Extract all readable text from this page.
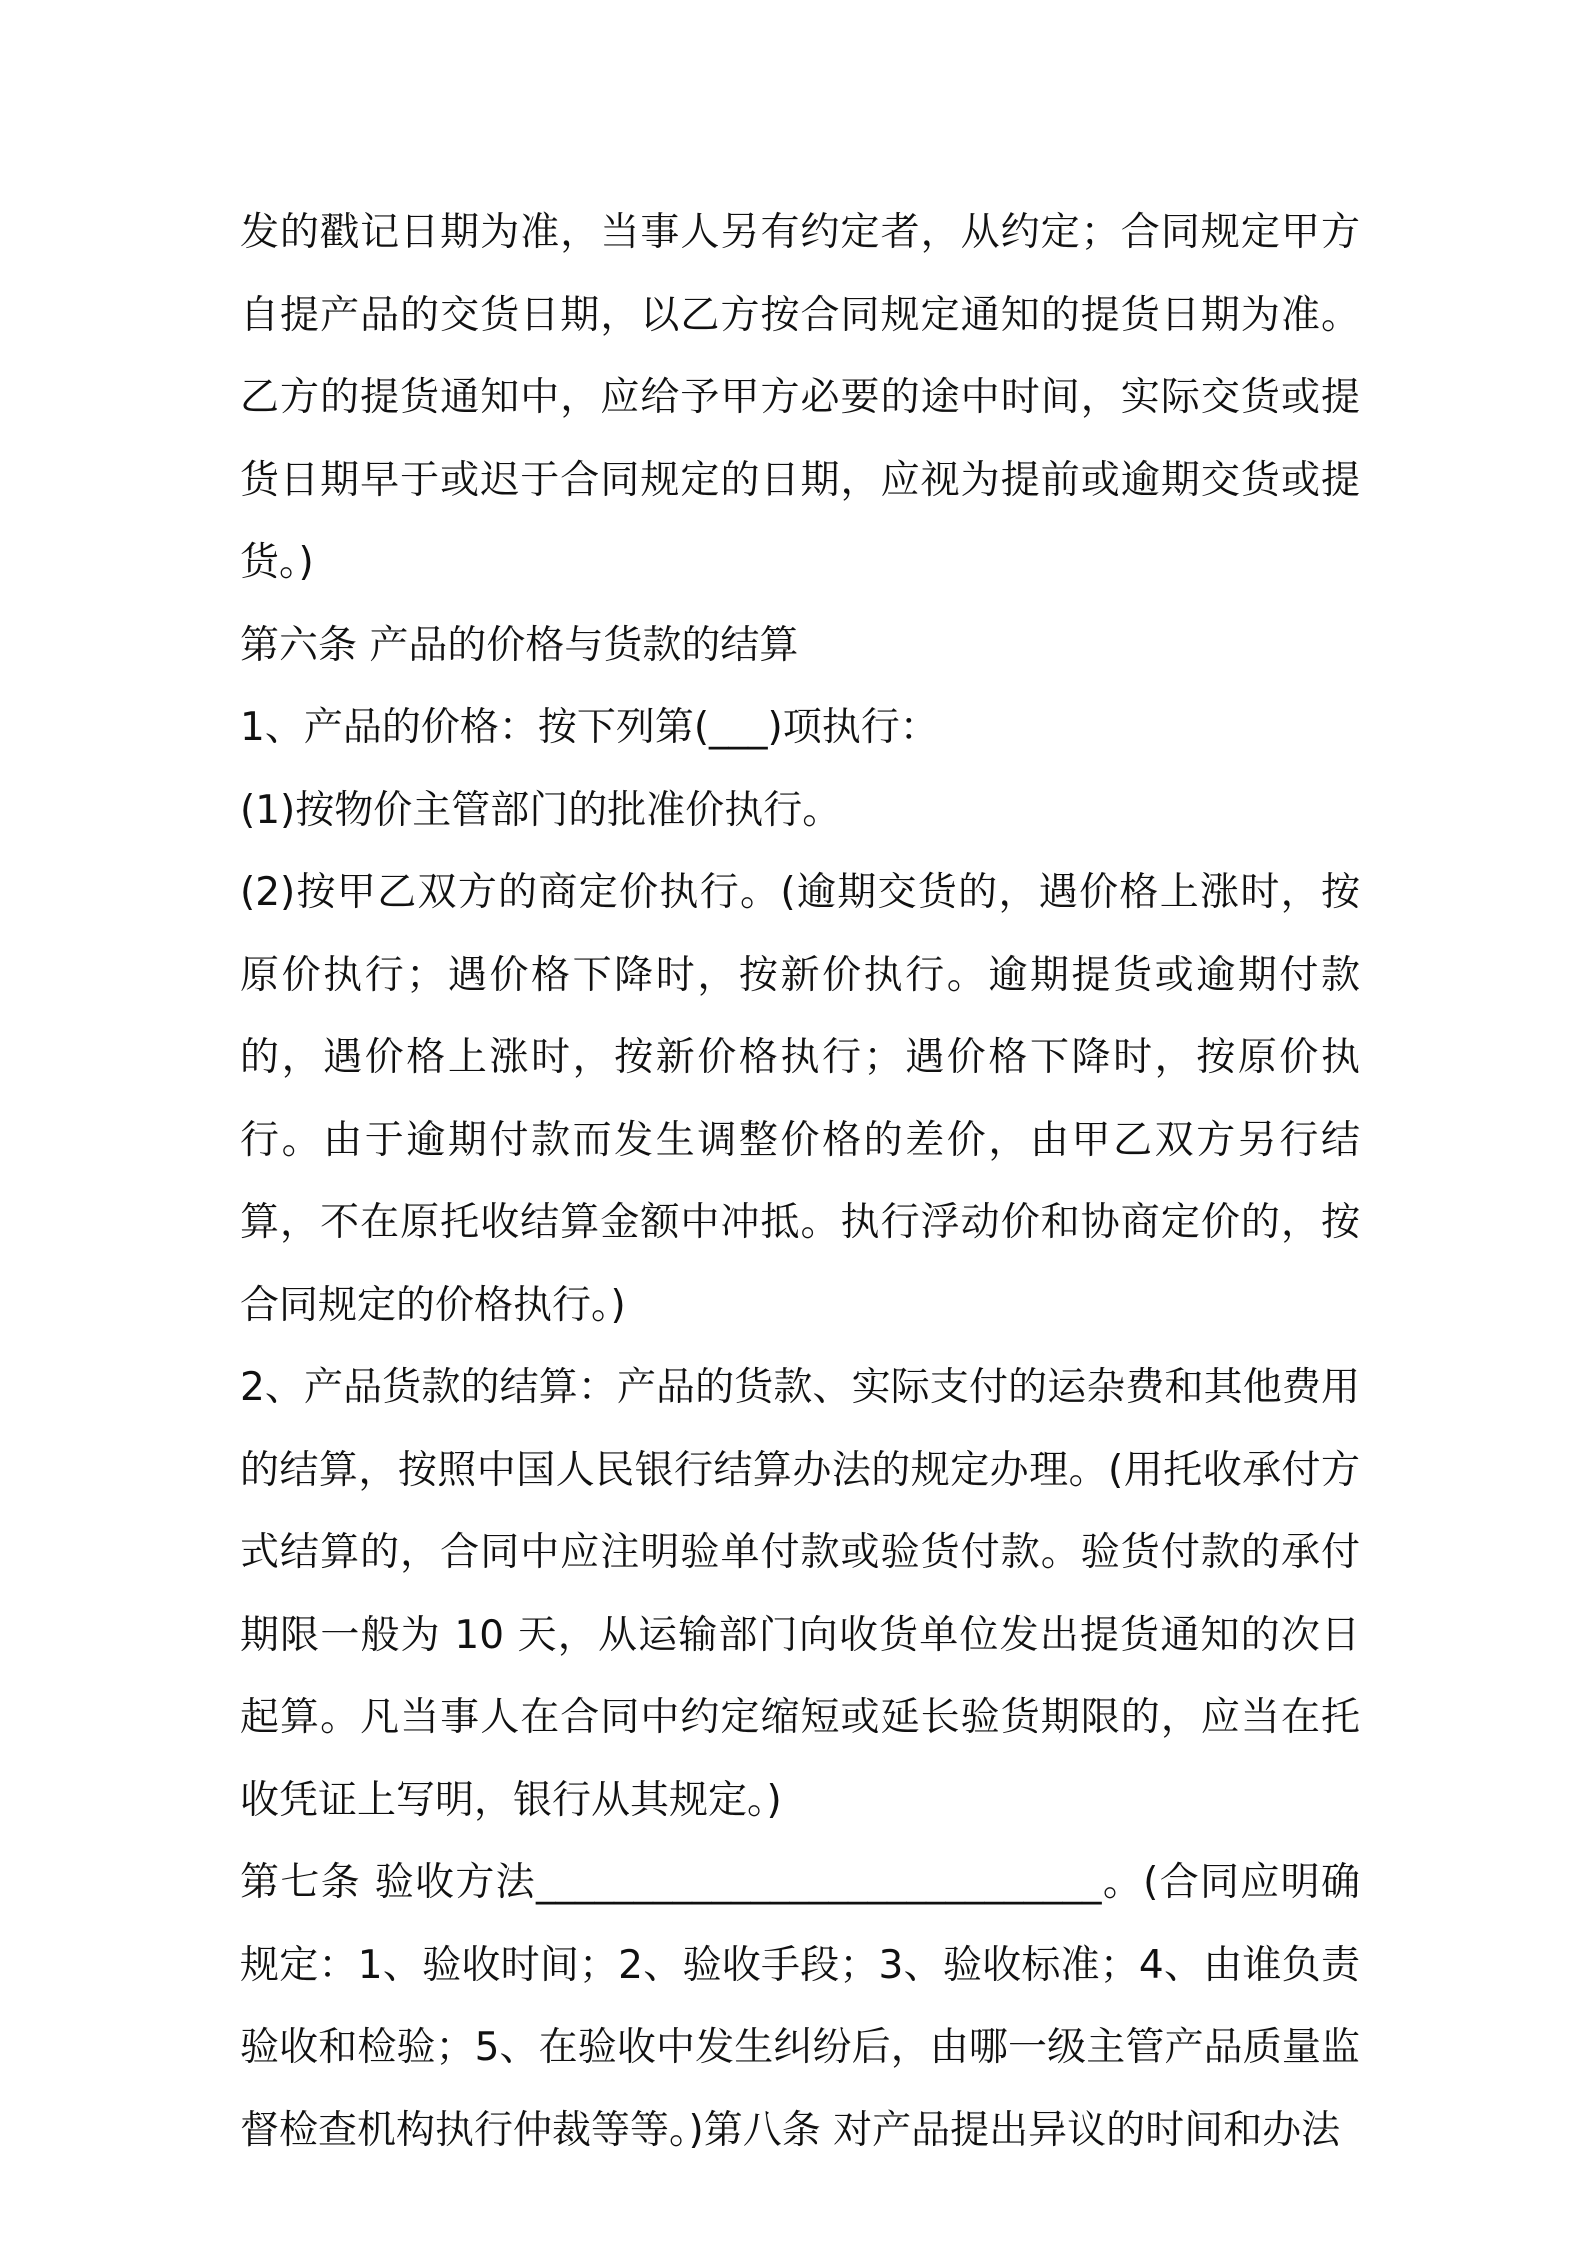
发的戳记日期为准，当事人另有约定者，从约定；合同规定甲方自提产品的交货日期，以乙方按合同规定通知的提货日期为准。乙方的提货通知中，应给予甲方必要的途中时间，实际交货或提货日期早于或迟于合同规定的日期，应视为提前或逾期交货或提货。)

第六条 产品的价格与货款的结算

1、产品的价格：按下列第(___)项执行：

(1)按物价主管部门的批准价执行。

(2)按甲乙双方的商定价执行。(逾期交货的，遇价格上涨时，按原价执行；遇价格下降时，按新价执行。逾期提货或逾期付款的，遇价格上涨时，按新价格执行；遇价格下降时，按原价执行。由于逾期付款而发生调整价格的差价，由甲乙双方另行结算，不在原托收结算金额中冲抵。执行浮动价和协商定价的，按合同规定的价格执行。)

2、产品货款的结算：产品的货款、实际支付的运杂费和其他费用的结算，按照中国人民银行结算办法的规定办理。(用托收承付方式结算的，合同中应注明验单付款或验货付款。验货付款的承付期限一般为 10 天，从运输部门向收货单位发出提货通知的次日起算。凡当事人在合同中约定缩短或延长验货期限的，应当在托收凭证上写明，银行从其规定。)

第七条 验收方法_____________________________。(合同应明确规定：1、验收时间；2、验收手段；3、验收标准；4、由谁负责验收和检验；5、在验收中发生纠纷后，由哪一级主管产品质量监督检查机构执行仲裁等等。)第八条 对产品提出异议的时间和办法
